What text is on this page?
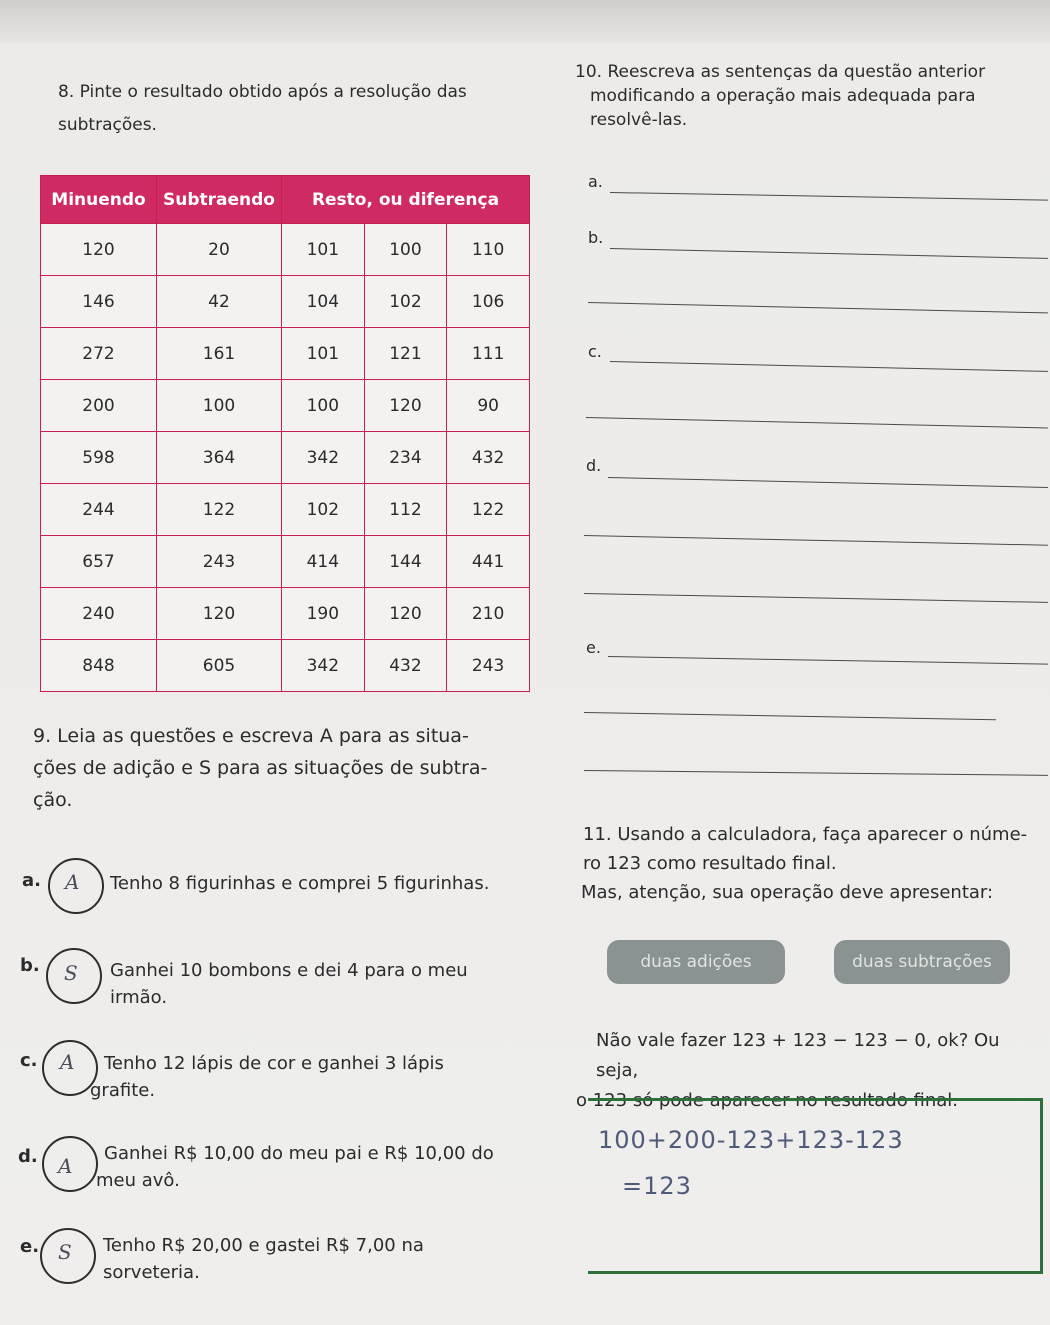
8. Pinte o resultado obtido após a resolução das
subtrações.
10. Reescreva as sentenças da questão anterior
modificando a operação mais adequada para
resolvê-las.
Minuendo	Subtraendo	Resto, ou diferença		
120	20	101	100	110
146	42	104	102	106
272	161	101	121	111
200	100	100	120	90
598	364	342	234	432
244	122	102	112	122
657	243	414	144	441
240	120	190	120	210
848	605	342	432	243
a.
b.
c.
d.
e.
9. Leia as questões e escreva A para as situa-
ções de adição e S para as situações de subtra-
ção.
a. A Tenho 8 figurinhas e comprei 5 figurinhas.
b. S Ganhei 10 bombons e dei 4 para o meu
irmão.
c. A Tenho 12 lápis de cor e ganhei 3 lápis
grafite.
d. A
Ganhei R$ 10,00 do meu pai e R$ 10,00 do
meu avô.
e. S Tenho R$ 20,00 e gastei R$ 7,00 na
sorveteria.
11. Usando a calculadora, faça aparecer o núme-
ro 123 como resultado final.
Mas, atenção, sua operação deve apresentar:
duas adições	duas subtrações
Não vale fazer 123 + 123 − 123 − 0, ok? Ou seja,
o 123 só pode aparecer no resultado final.
100+200-123+123-123
=123
